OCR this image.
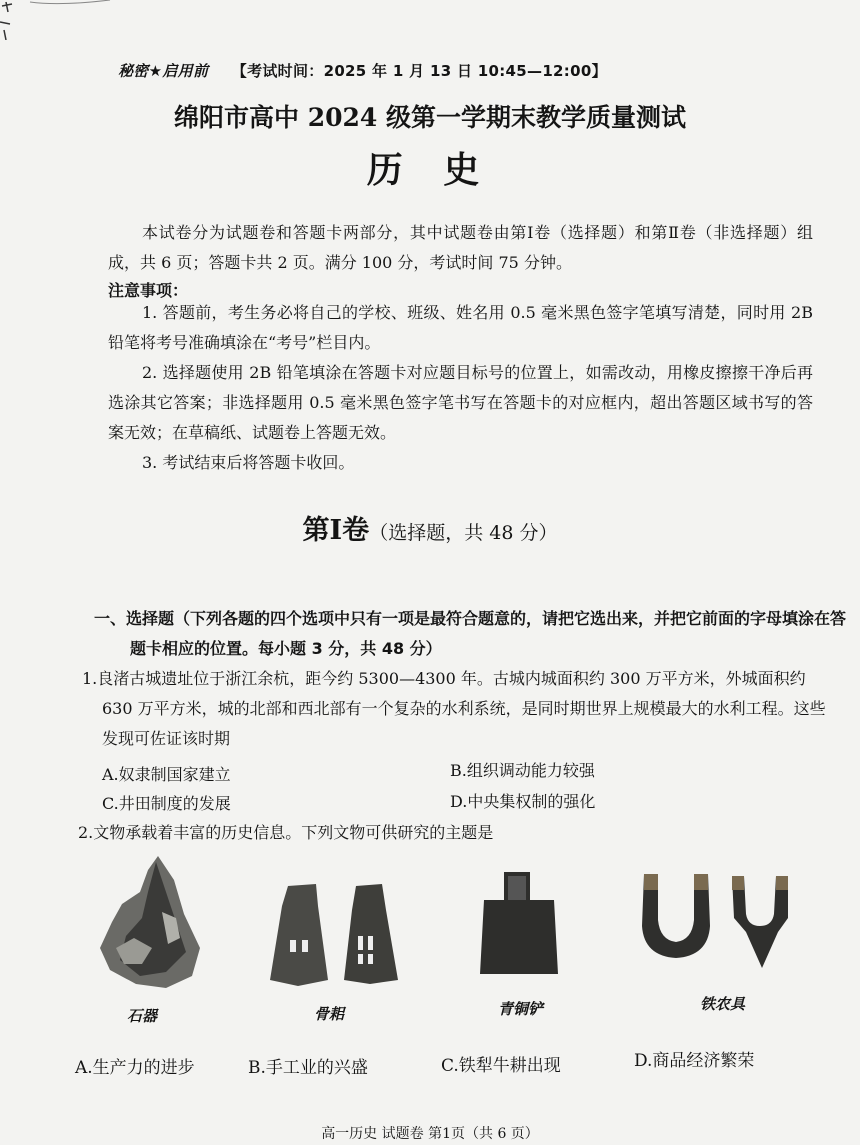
秘密★启用前 【考试时间：2025 年 1 月 13 日 10:45—12:00】
绵阳市高中 2024 级第一学期末教学质量测试
历 史
本试卷分为试题卷和答题卡两部分，其中试题卷由第Ⅰ卷（选择题）和第Ⅱ卷（非选择题）组成，共 6 页；答题卡共 2 页。满分 100 分，考试时间 75 分钟。
注意事项：
1. 答题前，考生务必将自己的学校、班级、姓名用 0.5 毫米黑色签字笔填写清楚，同时用 2B 铅笔将考号准确填涂在“考号”栏目内。
2. 选择题使用 2B 铅笔填涂在答题卡对应题目标号的位置上，如需改动，用橡皮擦擦干净后再选涂其它答案；非选择题用 0.5 毫米黑色签字笔书写在答题卡的对应框内，超出答题区域书写的答案无效；在草稿纸、试题卷上答题无效。
3. 考试结束后将答题卡收回。
第Ⅰ卷（选择题，共 48 分）
一、选择题（下列各题的四个选项中只有一项是最符合题意的，请把它选出来，并把它前面的字母填涂在答题卡相应的位置。每小题 3 分，共 48 分）
1.良渚古城遗址位于浙江余杭，距今约 5300—4300 年。古城内城面积约 300 万平方米，外城面积约 630 万平方米，城的北部和西北部有一个复杂的水利系统，是同时期世界上规模最大的水利工程。这些发现可佐证该时期
A.奴隶制国家建立	B.组织调动能力较强
C.井田制度的发展	D.中央集权制的强化
2.文物承载着丰富的历史信息。下列文物可供研究的主题是
石器	骨耜	青铜铲	铁农具
A.生产力的进步	B.手工业的兴盛	C.铁犁牛耕出现	D.商品经济繁荣
高一历史 试题卷 第1页（共 6 页）
